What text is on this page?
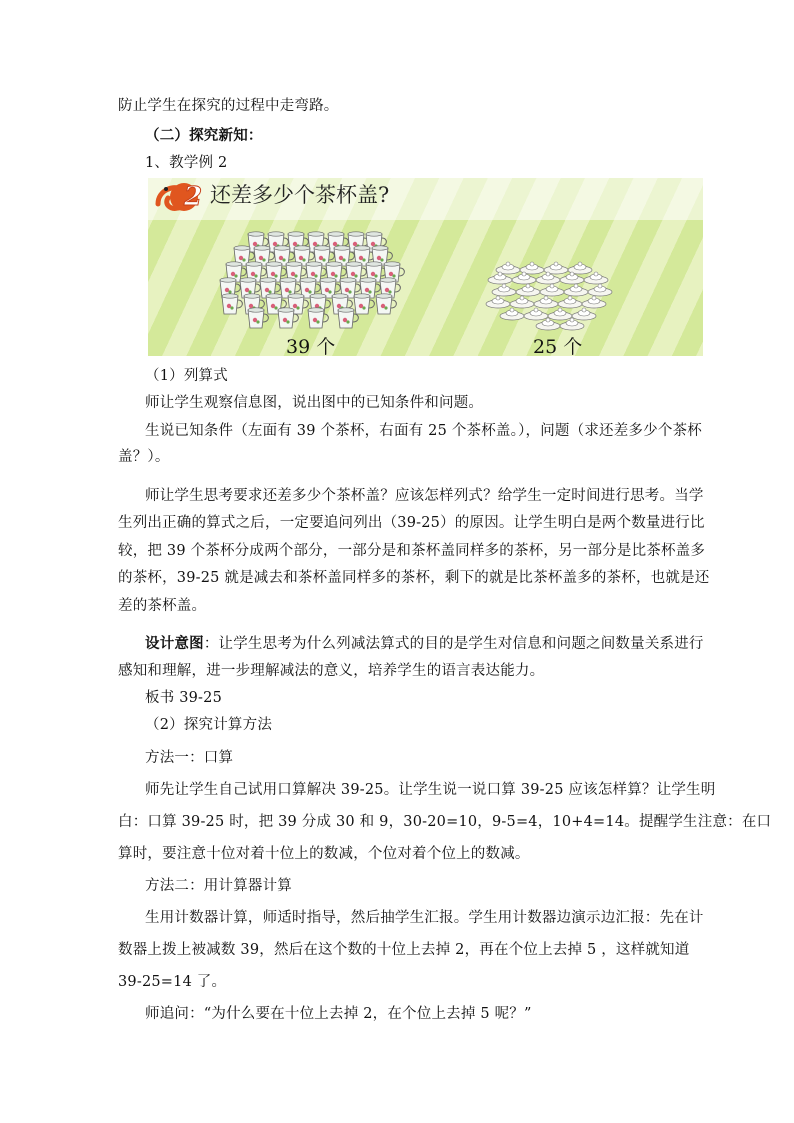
防止学生在探究的过程中走弯路。
（二）探究新知：
1、教学例 2
2 还差多少个茶杯盖?
39 个	25 个
（1）列算式
师让学生观察信息图，说出图中的已知条件和问题。
生说已知条件（左面有 39 个茶杯，右面有 25 个茶杯盖。），问题（求还差多少个茶杯
盖？）。
师让学生思考要求还差多少个茶杯盖？应该怎样列式？给学生一定时间进行思考。当学
生列出正确的算式之后，一定要追问列出（39-25）的原因。让学生明白是两个数量进行比
较，把 39 个茶杯分成两个部分，一部分是和茶杯盖同样多的茶杯，另一部分是比茶杯盖多
的茶杯，39-25 就是减去和茶杯盖同样多的茶杯，剩下的就是比茶杯盖多的茶杯，也就是还
差的茶杯盖。
设计意图：让学生思考为什么列减法算式的目的是学生对信息和问题之间数量关系进行
感知和理解，进一步理解减法的意义，培养学生的语言表达能力。
板书 39-25
（2）探究计算方法
方法一：口算
师先让学生自己试用口算解决 39-25。让学生说一说口算 39-25 应该怎样算？让学生明
白：口算 39-25 时，把 39 分成 30 和 9，30-20=10，9-5=4，10+4=14。提醒学生注意：在口
算时，要注意十位对着十位上的数减，个位对着个位上的数减。
方法二：用计算器计算
生用计数器计算，师适时指导，然后抽学生汇报。学生用计数器边演示边汇报：先在计
数器上拨上被减数 39，然后在这个数的十位上去掉 2，再在个位上去掉 5 ，这样就知道
39-25=14 了。
师追问：“为什么要在十位上去掉 2，在个位上去掉 5 呢？”
